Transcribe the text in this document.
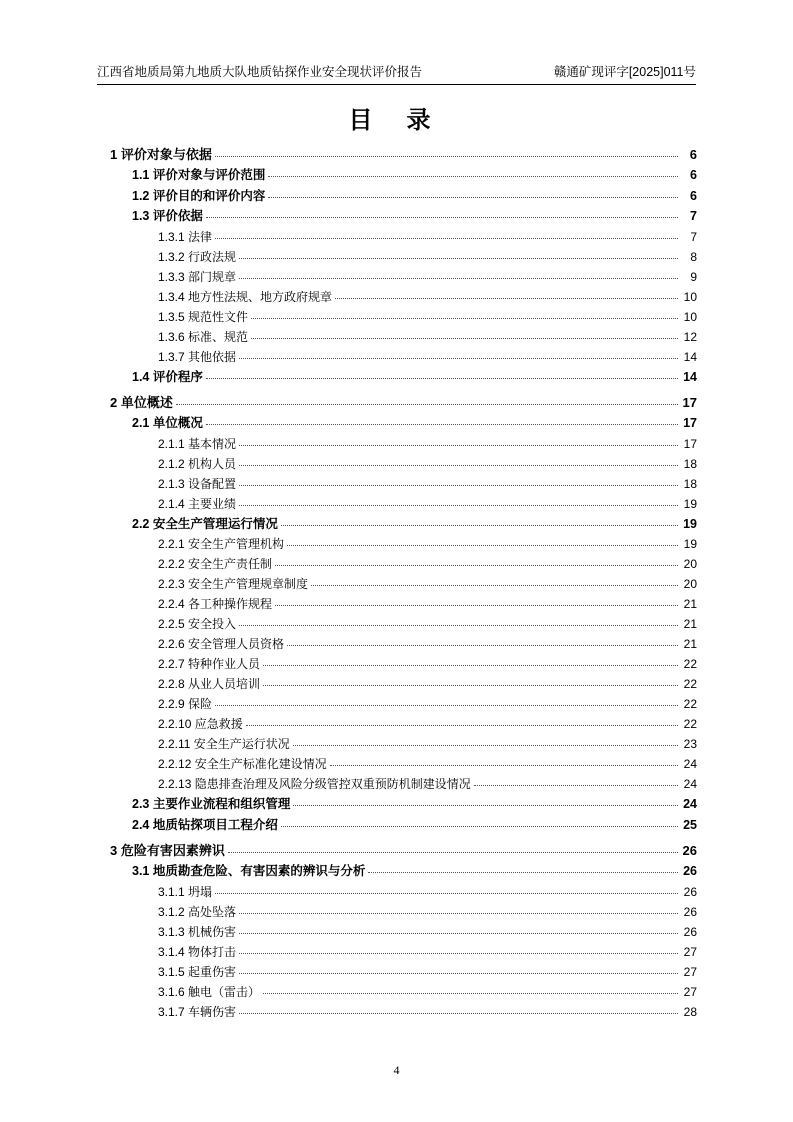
江西省地质局第九地质大队地质钻探作业安全现状评价报告	赣通矿现评字[2025]011号
目 录
1 评价对象与依据	6
1.1 评价对象与评价范围	6
1.2 评价目的和评价内容	6
1.3 评价依据	7
1.3.1 法律	7
1.3.2 行政法规	8
1.3.3 部门规章	9
1.3.4 地方性法规、地方政府规章	10
1.3.5 规范性文件	10
1.3.6 标准、规范	12
1.3.7 其他依据	14
1.4 评价程序	14
2 单位概述	17
2.1 单位概况	17
2.1.1 基本情况	17
2.1.2 机构人员	18
2.1.3 设备配置	18
2.1.4 主要业绩	19
2.2 安全生产管理运行情况	19
2.2.1 安全生产管理机构	19
2.2.2 安全生产责任制	20
2.2.3 安全生产管理规章制度	20
2.2.4 各工种操作规程	21
2.2.5 安全投入	21
2.2.6 安全管理人员资格	21
2.2.7 特种作业人员	22
2.2.8 从业人员培训	22
2.2.9 保险	22
2.2.10 应急救援	22
2.2.11 安全生产运行状况	23
2.2.12 安全生产标准化建设情况	24
2.2.13 隐患排查治理及风险分级管控双重预防机制建设情况	24
2.3 主要作业流程和组织管理	24
2.4 地质钻探项目工程介绍	25
3 危险有害因素辨识	26
3.1 地质勘查危险、有害因素的辨识与分析	26
3.1.1 坍塌	26
3.1.2 高处坠落	26
3.1.3 机械伤害	26
3.1.4 物体打击	27
3.1.5 起重伤害	27
3.1.6 触电（雷击）	27
3.1.7 车辆伤害	28
4
